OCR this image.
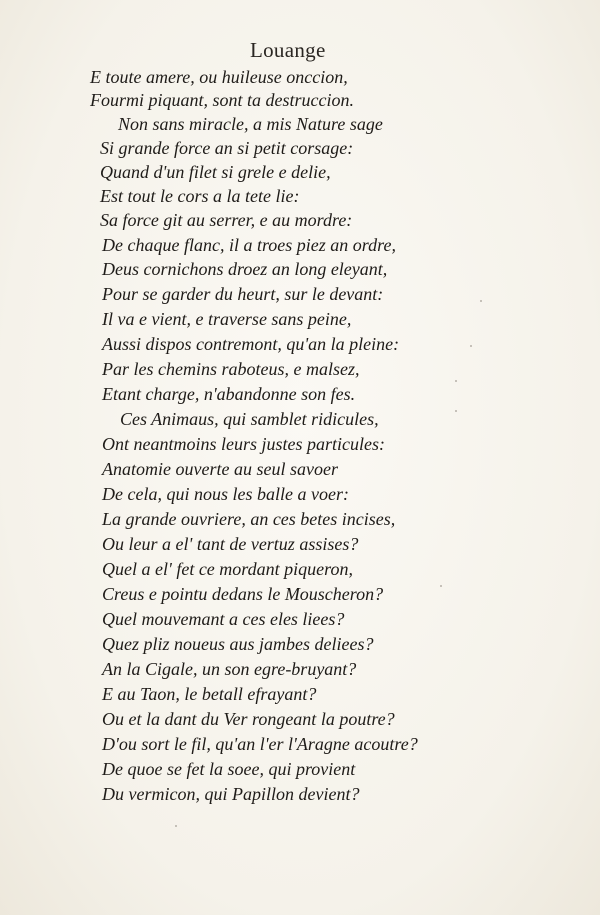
Louange
E toute amere, ou huileuse onccion,
Fourmi piquant, sont ta destruccion.
Non sans miracle, a mis Nature sage
Si grande force an si petit corsage:
Quand d'un filet si grele e delie,
Est tout le cors a la tete lie:
Sa force git au serrer, e au mordre:
De chaque flanc, il a troes piez an ordre,
Deus cornichons droez an long eleyant,
Pour se garder du heurt, sur le devant:
Il va e vient, e traverse sans peine,
Aussi dispos contremont, qu'an la pleine:
Par les chemins raboteus, e malsez,
Etant charge, n'abandonne son fes.
Ces Animaus, qui samblet ridicules,
Ont neantmoins leurs justes particules:
Anatomie ouverte au seul savoer
De cela, qui nous les balle a voer:
La grande ouvriere, an ces betes incises,
Ou leur a el' tant de vertuz assises?
Quel a el' fet ce mordant piqueron,
Creus e pointu dedans le Mouscheron?
Quel mouvemant a ces eles liees?
Quez pliz noueus aus jambes deliees?
An la Cigale, un son egre-bruyant?
E au Taon, le betall efrayant?
Ou et la dant du Ver rongeant la poutre?
D'ou sort le fil, qu'an l'er l'Aragne acoutre?
De quoe se fet la soee, qui provient
Du vermicon, qui Papillon devient?
